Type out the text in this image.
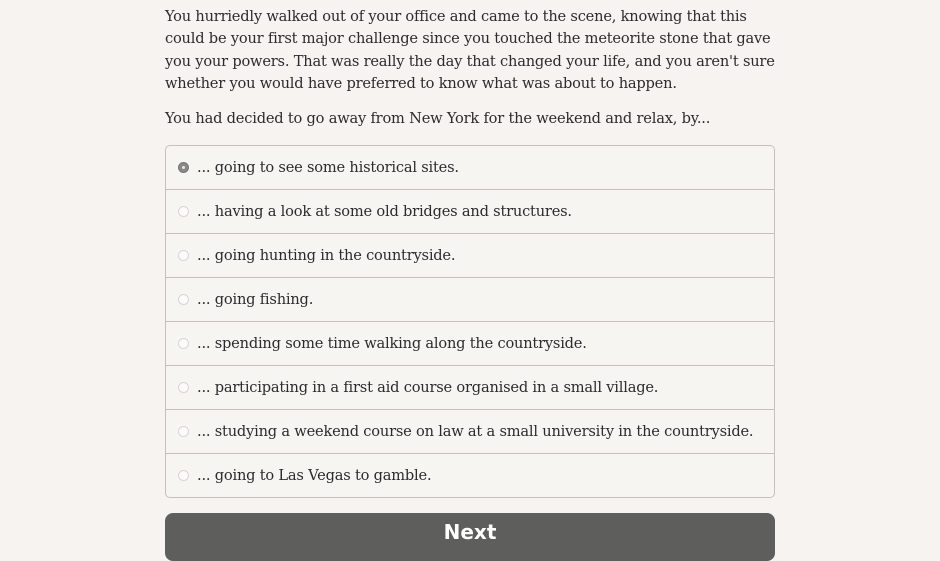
You hurriedly walked out of your office and came to the scene, knowing that this could be your first major challenge since you touched the meteorite stone that gave you your powers. That was really the day that changed your life, and you aren't sure whether you would have preferred to know what was about to happen.

You had decided to go away from New York for the weekend and relax, by...

... going to see some historical sites.
... having a look at some old bridges and structures.
... going hunting in the countryside.
... going fishing.
... spending some time walking along the countryside.
... participating in a first aid course organised in a small village.
... studying a weekend course on law at a small university in the countryside.
... going to Las Vegas to gamble.
Next
